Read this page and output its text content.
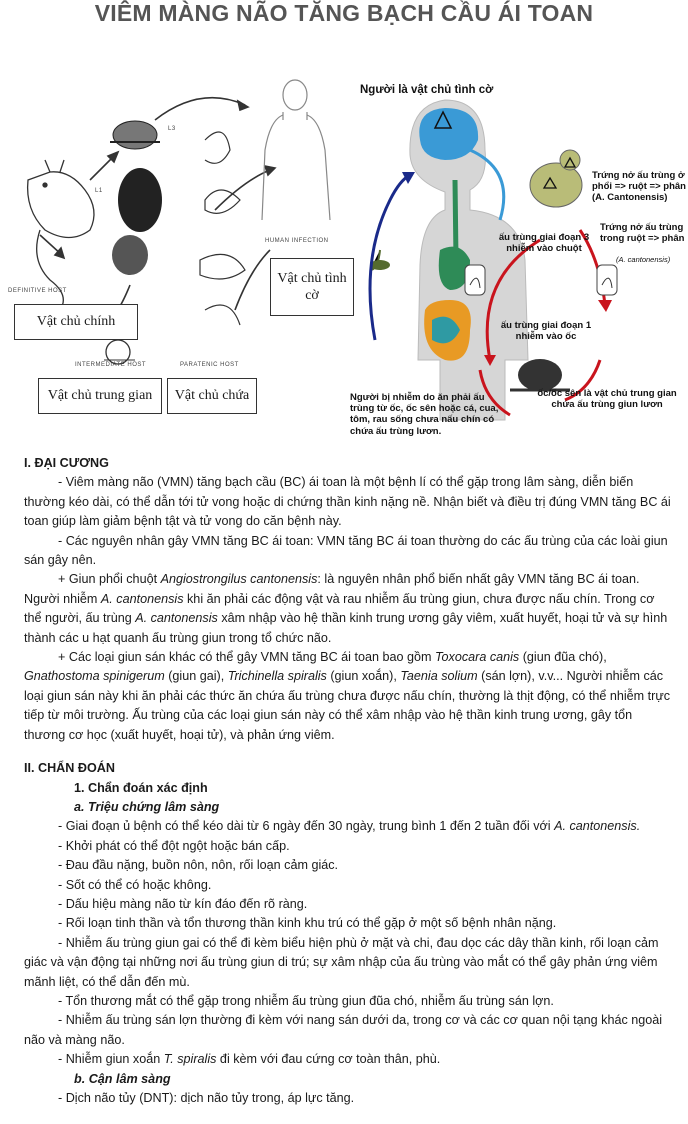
VIÊM MÀNG NÃO TĂNG BẠCH CẦU ÁI TOAN
Vật chủ chính
Vật chủ trung gian	Vật chủ chứa
Vật chủ tình cờ
DEFINITIVE HOST
INTERMEDIATE HOST	PARATENIC HOST
HUMAN INFECTION
L1
L3
Người là vật chủ tình cờ
Trứng nở ấu trùng ở phổi => ruột => phân (A. Cantonensis)
Trứng nở ấu trùng trong ruột => phân
(A. cantonensis)
ấu trùng giai đoạn 3 nhiễm vào chuột
ấu trùng giai đoạn 1 nhiễm vào ốc
ốc/ốc sên là vật chủ trung gian chứa ấu trùng giun lươn
Người bị nhiễm do ăn phải ấu trùng từ ốc, ốc sên hoặc cá, cua, tôm, rau sống chưa nấu chín có chứa ấu trùng lươn.

I. ĐẠI CƯƠNG

- Viêm màng não (VMN) tăng bạch cầu (BC) ái toan là một bệnh lí có thể gặp trong lâm sàng, diễn biến thường kéo dài, có thể dẫn tới tử vong hoặc di chứng thần kinh nặng nề. Nhận biết và điều trị đúng VMN tăng BC ái toan giúp làm giảm bệnh tật và tử vong do căn bệnh này.

- Các nguyên nhân gây VMN tăng BC ái toan: VMN tăng BC ái toan thường do các ấu trùng của các loài giun sán gây nên.

+ Giun phổi chuột Angiostrongilus cantonensis: là nguyên nhân phổ biến nhất gây VMN tăng BC ái toan. Người nhiễm A. cantonensis khi ăn phải các động vật và rau nhiễm ấu trùng giun, chưa được nấu chín. Trong cơ thể người, ấu trùng A. cantonensis xâm nhập vào hệ thần kinh trung ương gây viêm, xuất huyết, hoại tử và sự hình thành các u hạt quanh ấu trùng giun trong tổ chức não.

+ Các loại giun sán khác có thể gây VMN tăng BC ái toan bao gồm Toxocara canis (giun đũa chó), Gnathostoma spinigerum (giun gai), Trichinella spiralis (giun xoắn), Taenia solium (sán lợn), v.v... Người nhiễm các loại giun sán này khi ăn phải các thức ăn chứa ấu trùng chưa được nấu chín, thường là thịt động, có thể nhiễm trực tiếp từ môi trường. Ấu trùng của các loại giun sán này có thể xâm nhập vào hệ thần kinh trung ương, gây tổn thương cơ học (xuất huyết, hoại tử), và phản ứng viêm.

II. CHẨN ĐOÁN

1. Chẩn đoán xác định

a. Triệu chứng lâm sàng

- Giai đoạn ủ bệnh có thể kéo dài từ 6 ngày đến 30 ngày, trung bình 1 đến 2 tuần đối với A. cantonensis.

- Khởi phát có thể đột ngột hoặc bán cấp.

- Đau đầu nặng, buồn nôn, nôn, rối loạn cảm giác.

- Sốt có thể có hoặc không.

- Dấu hiệu màng não từ kín đáo đến rõ ràng.

- Rối loạn tinh thần và tổn thương thần kinh khu trú có thể gặp ở một số bệnh nhân nặng.

- Nhiễm ấu trùng giun gai có thể đi kèm biểu hiện phù ở mặt và chi, đau dọc các dây thần kinh, rối loạn cảm giác và vận động tại những nơi ấu trùng giun di trú; sự xâm nhập của ấu trùng vào mắt có thể gây phản ứng viêm mãnh liệt, có thể dẫn đến mù.

- Tổn thương mắt có thể gặp trong nhiễm ấu trùng giun đũa chó, nhiễm ấu trùng sán lợn.

- Nhiễm ấu trùng sán lợn thường đi kèm với nang sán dưới da, trong cơ và các cơ quan nội tạng khác ngoài não và màng não.

- Nhiễm giun xoắn T. spiralis đi kèm với đau cứng cơ toàn thân, phù.

b. Cận lâm sàng

- Dịch não tủy (DNT): dịch não tủy trong, áp lực tăng.
